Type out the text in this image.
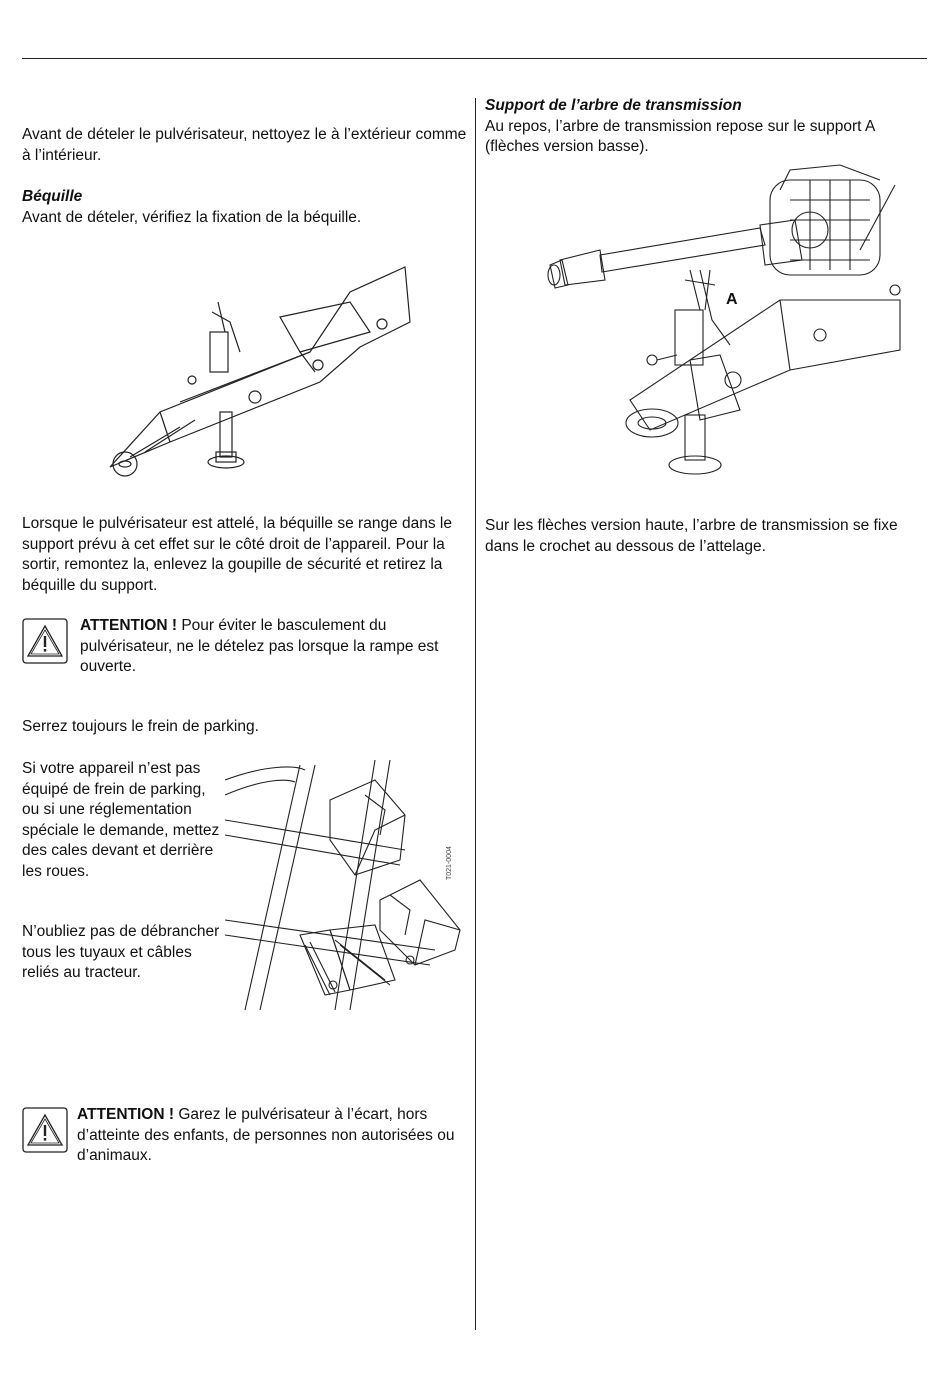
Avant de dételer le pulvérisateur, nettoyez le à l’extérieur comme à l’intérieur.

Béquille
Avant de dételer, vérifiez la fixation de la béquille.

Lorsque le pulvérisateur est attelé, la béquille se range dans le support prévu à cet effet sur le côté droit de l’appareil. Pour la sortir, remontez la, enlevez la goupille de sécurité et retirez la béquille du support.

ATTENTION ! Pour éviter le basculement du pulvérisateur, ne le dételez pas lorsque la rampe est ouverte.

Serrez toujours le frein de parking.

Si votre appareil n’est pas équipé de frein de parking, ou si une réglementation spéciale le demande, mettez des cales devant et derrière les roues.

N’oubliez pas de débrancher tous les tuyaux et câbles reliés au tracteur.

T021-0004

ATTENTION ! Garez le pulvérisateur à l’écart, hors d’atteinte des enfants, de personnes non autorisées ou d’animaux.

Support de l’arbre de transmission
Au repos, l’arbre de transmission repose sur le support A (flèches version basse).

A

Sur les flèches version haute, l’arbre de transmission se fixe dans le crochet au dessous de l’attelage.
